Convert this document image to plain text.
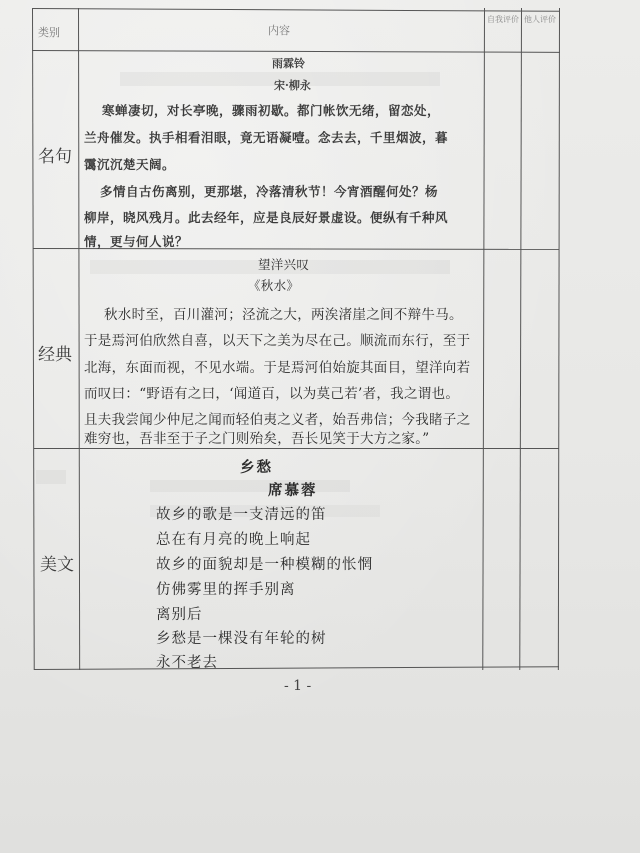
类别	内容
自我评价 他人评价
名句
雨霖铃
宋·柳永
寒蝉凄切，对长亭晚，骤雨初歇。都门帐饮无绪，留恋处，
兰舟催发。执手相看泪眼，竟无语凝噎。念去去，千里烟波，暮
霭沉沉楚天阔。
多情自古伤离别，更那堪，冷落清秋节！今宵酒醒何处？杨
柳岸，晓风残月。此去经年，应是良辰好景虚设。便纵有千种风
情，更与何人说？
经典
望洋兴叹
《秋水》
秋水时至，百川灌河；泾流之大，两涘渚崖之间不辩牛马。
于是焉河伯欣然自喜，以天下之美为尽在己。顺流而东行，至于
北海，东面而视，不见水端。于是焉河伯始旋其面目，望洋向若
而叹曰：“野语有之曰，‘闻道百，以为莫己若’者，我之谓也。
且夫我尝闻少仲尼之闻而轻伯夷之义者，始吾弗信；今我睹子之
难穷也，吾非至于子之门则殆矣，吾长见笑于大方之家。”
美文
乡愁
席慕蓉
故乡的歌是一支清远的笛
总在有月亮的晚上响起
故乡的面貌却是一种模糊的怅惘
仿佛雾里的挥手别离
离别后
乡愁是一棵没有年轮的树
永不老去
- 1 -
